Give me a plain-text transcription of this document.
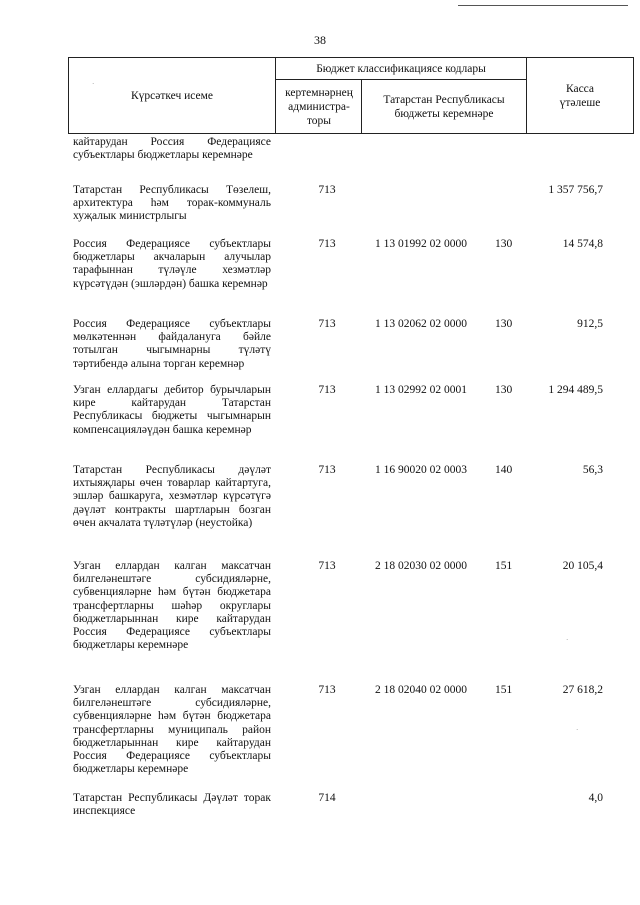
38
Күрсәткеч исеме
Бюджет классификациясе кодлары
кертемнәрнең администра-торы
Татарстан Республикасы бюджеты керемнәре
Касса үтәлеше
кайтарудан Россия Федерациясе субъектлары бюджетлары керемнәре
Татарстан Республикасы Төзелеш, архитектура һәм торак-коммуналь хуҗалык министрлыгы
713	1 357 756,7
Россия Федерациясе субъектлары бюджетлары акчаларын алучылар тарафыннан түләүле хезмәтләр күрсәтүдән (эшләрдән) башка керемнәр
713	1 13 01992 02 0000	130	14 574,8
Россия Федерациясе субъектлары мөлкәтеннән файдалануга бәйле тотылган чыгымнарны түләтү тәртибендә алына торган керемнәр
713	1 13 02062 02 0000	130	912,5
Узган еллардагы дебитор бурычларын кире кайтарудан Татарстан Республикасы бюджеты чыгымнарын компенсацияләүдән башка керемнәр
713	1 13 02992 02 0001	130	1 294 489,5
Татарстан Республикасы дәүләт ихтыяҗлары өчен товарлар кайтартуга, эшләр башкаруга, хезмәтләр күрсәтүгә дәүләт контракты шартларын бозган өчен акчалата түләтүләр (неустойка)
713	1 16 90020 02 0003	140	56,3
Узган еллардан калган максатчан билгеләнештәге субсидияләрне, субвенцияләрне һәм бүтән бюджетара трансфертларны шәһәр округлары бюджетларыннан кире кайтарудан Россия Федерациясе субъектлары бюджетлары керемнәре
713	2 18 02030 02 0000	151	20 105,4
Узган еллардан калган максатчан билгеләнештәге субсидияләрне, субвенцияләрне һәм бүтән бюджетара трансфертларны муниципаль район бюджетларыннан кире кайтарудан Россия Федерациясе субъектлары бюджетлары керемнәре
713	2 18 02040 02 0000	151	27 618,2
Татарстан Республикасы Дәүләт торак инспекциясе
714	4,0
·
·
·
